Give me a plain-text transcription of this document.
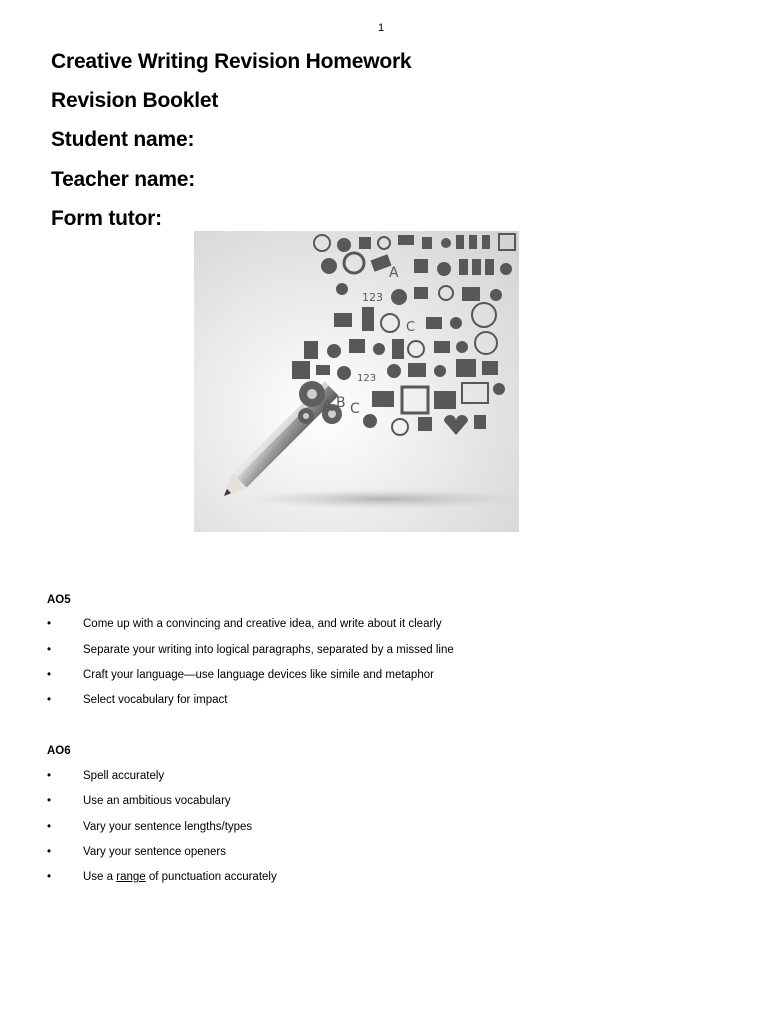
1
Creative Writing Revision Homework
Revision Booklet
Student name:
Teacher name:
Form tutor:
A
123
C
123
A B C
AO5
•	Come up with a convincing and creative idea, and write about it clearly
•	Separate your writing into logical paragraphs, separated by a missed line
•	Craft your language—use language devices like simile and metaphor
•	Select vocabulary for impact
AO6
•	Spell accurately
•	Use an ambitious vocabulary
•	Vary your sentence lengths/types
•	Vary your sentence openers
•	Use a range of punctuation accurately
